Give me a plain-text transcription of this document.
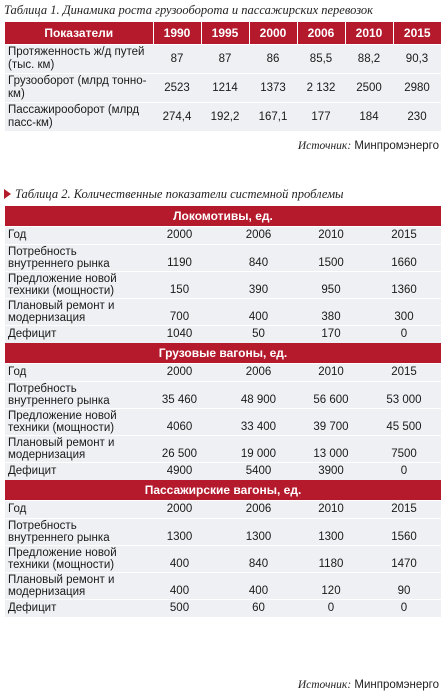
Таблица 1. Динамика роста грузооборота и пассажирских перевозок
Показатели	1990	1995	2000	2006	2010	2015
Протяженность ж/д путей (тыс. км)	87	87	86	85,5	88,2	90,3
Грузооборот (млрд тонно-км)	2523	1214	1373	2 132	2500	2980
Пассажирооборот (млрд пасс-км)	274,4	192,2	167,1	177	184	230
Источник: Минпромэнерго
Таблица 2. Количественные показатели системной проблемы
Локомотивы, ед.				
Год	2000	2006	2010	2015
Потребность внутреннего рынка	1190	840	1500	1660
Предложение новой техники (мощности)	150	390	950	1360
Плановый ремонт и модернизация	700	400	380	300
Дефицит	1040	50	170	0
Грузовые вагоны, ед.				
Год	2000	2006	2010	2015
Потребность внутреннего рынка	35 460	48 900	56 600	53 000
Предложение новой техники (мощности)	4060	33 400	39 700	45 500
Плановый ремонт и модернизация	26 500	19 000	13 000	7500
Дефицит	4900	5400	3900	0
Пассажирские вагоны, ед.				
Год	2000	2006	2010	2015
Потребность внутреннего рынка	1300	1300	1300	1560
Предложение новой техники (мощности)	400	840	1180	1470
Плановый ремонт и модернизация	400	400	120	90
Дефицит	500	60	0	0
Источник: Минпромэнерго
